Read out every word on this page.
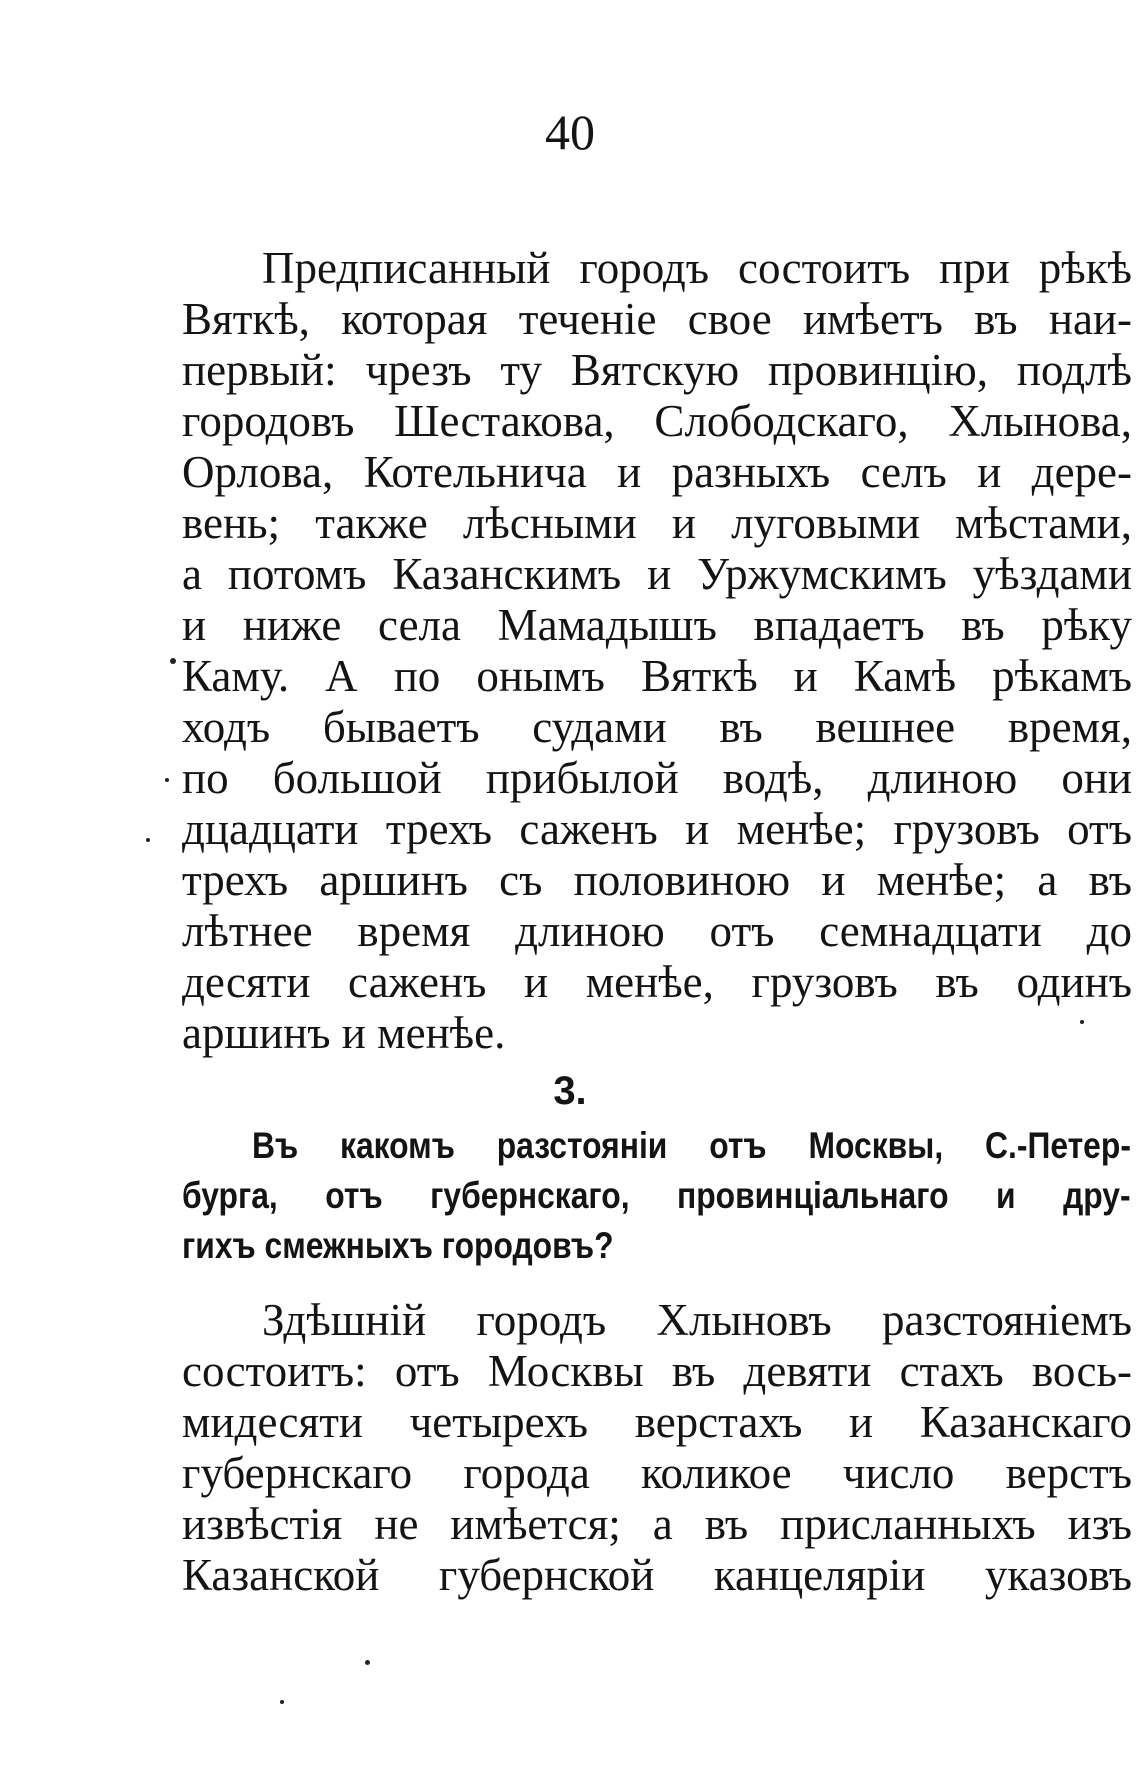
40
Предписанный городъ состоитъ при рѣкѣ
Вяткѣ, которая теченіе свое имѣетъ въ наи-
первый: чрезъ ту Вятскую провинцію, подлѣ
городовъ Шестакова, Слободскаго, Хлынова,
Орлова, Котельнича и разныхъ селъ и дере-
вень; также лѣсными и луговыми мѣстами,
а потомъ Казанскимъ и Уржумскимъ уѣздами
и ниже села Мамадышъ впадаетъ въ рѣку
Каму. А по онымъ Вяткѣ и Камѣ рѣкамъ
ходъ бываетъ судами въ вешнее время,
по большой прибылой водѣ, длиною они
дцадцати трехъ саженъ и менѣе; грузовъ отъ
трехъ аршинъ съ половиною и менѣе; а въ
лѣтнее время длиною отъ семнадцати до
десяти саженъ и менѣе, грузовъ въ одинъ
аршинъ и менѣе.
3.
Въ какомъ разстояніи отъ Москвы, С.-Петер-
бурга, отъ губернскаго, провинціальнаго и дру-
гихъ смежныхъ городовъ?
Здѣшній городъ Хлыновъ разстояніемъ
состоитъ: отъ Москвы въ девяти стахъ вось-
мидесяти четырехъ верстахъ и Казанскаго
губернскаго города коликое число верстъ
извѣстія не имѣется; а въ присланныхъ изъ
Казанской губернской канцеляріи указовъ
